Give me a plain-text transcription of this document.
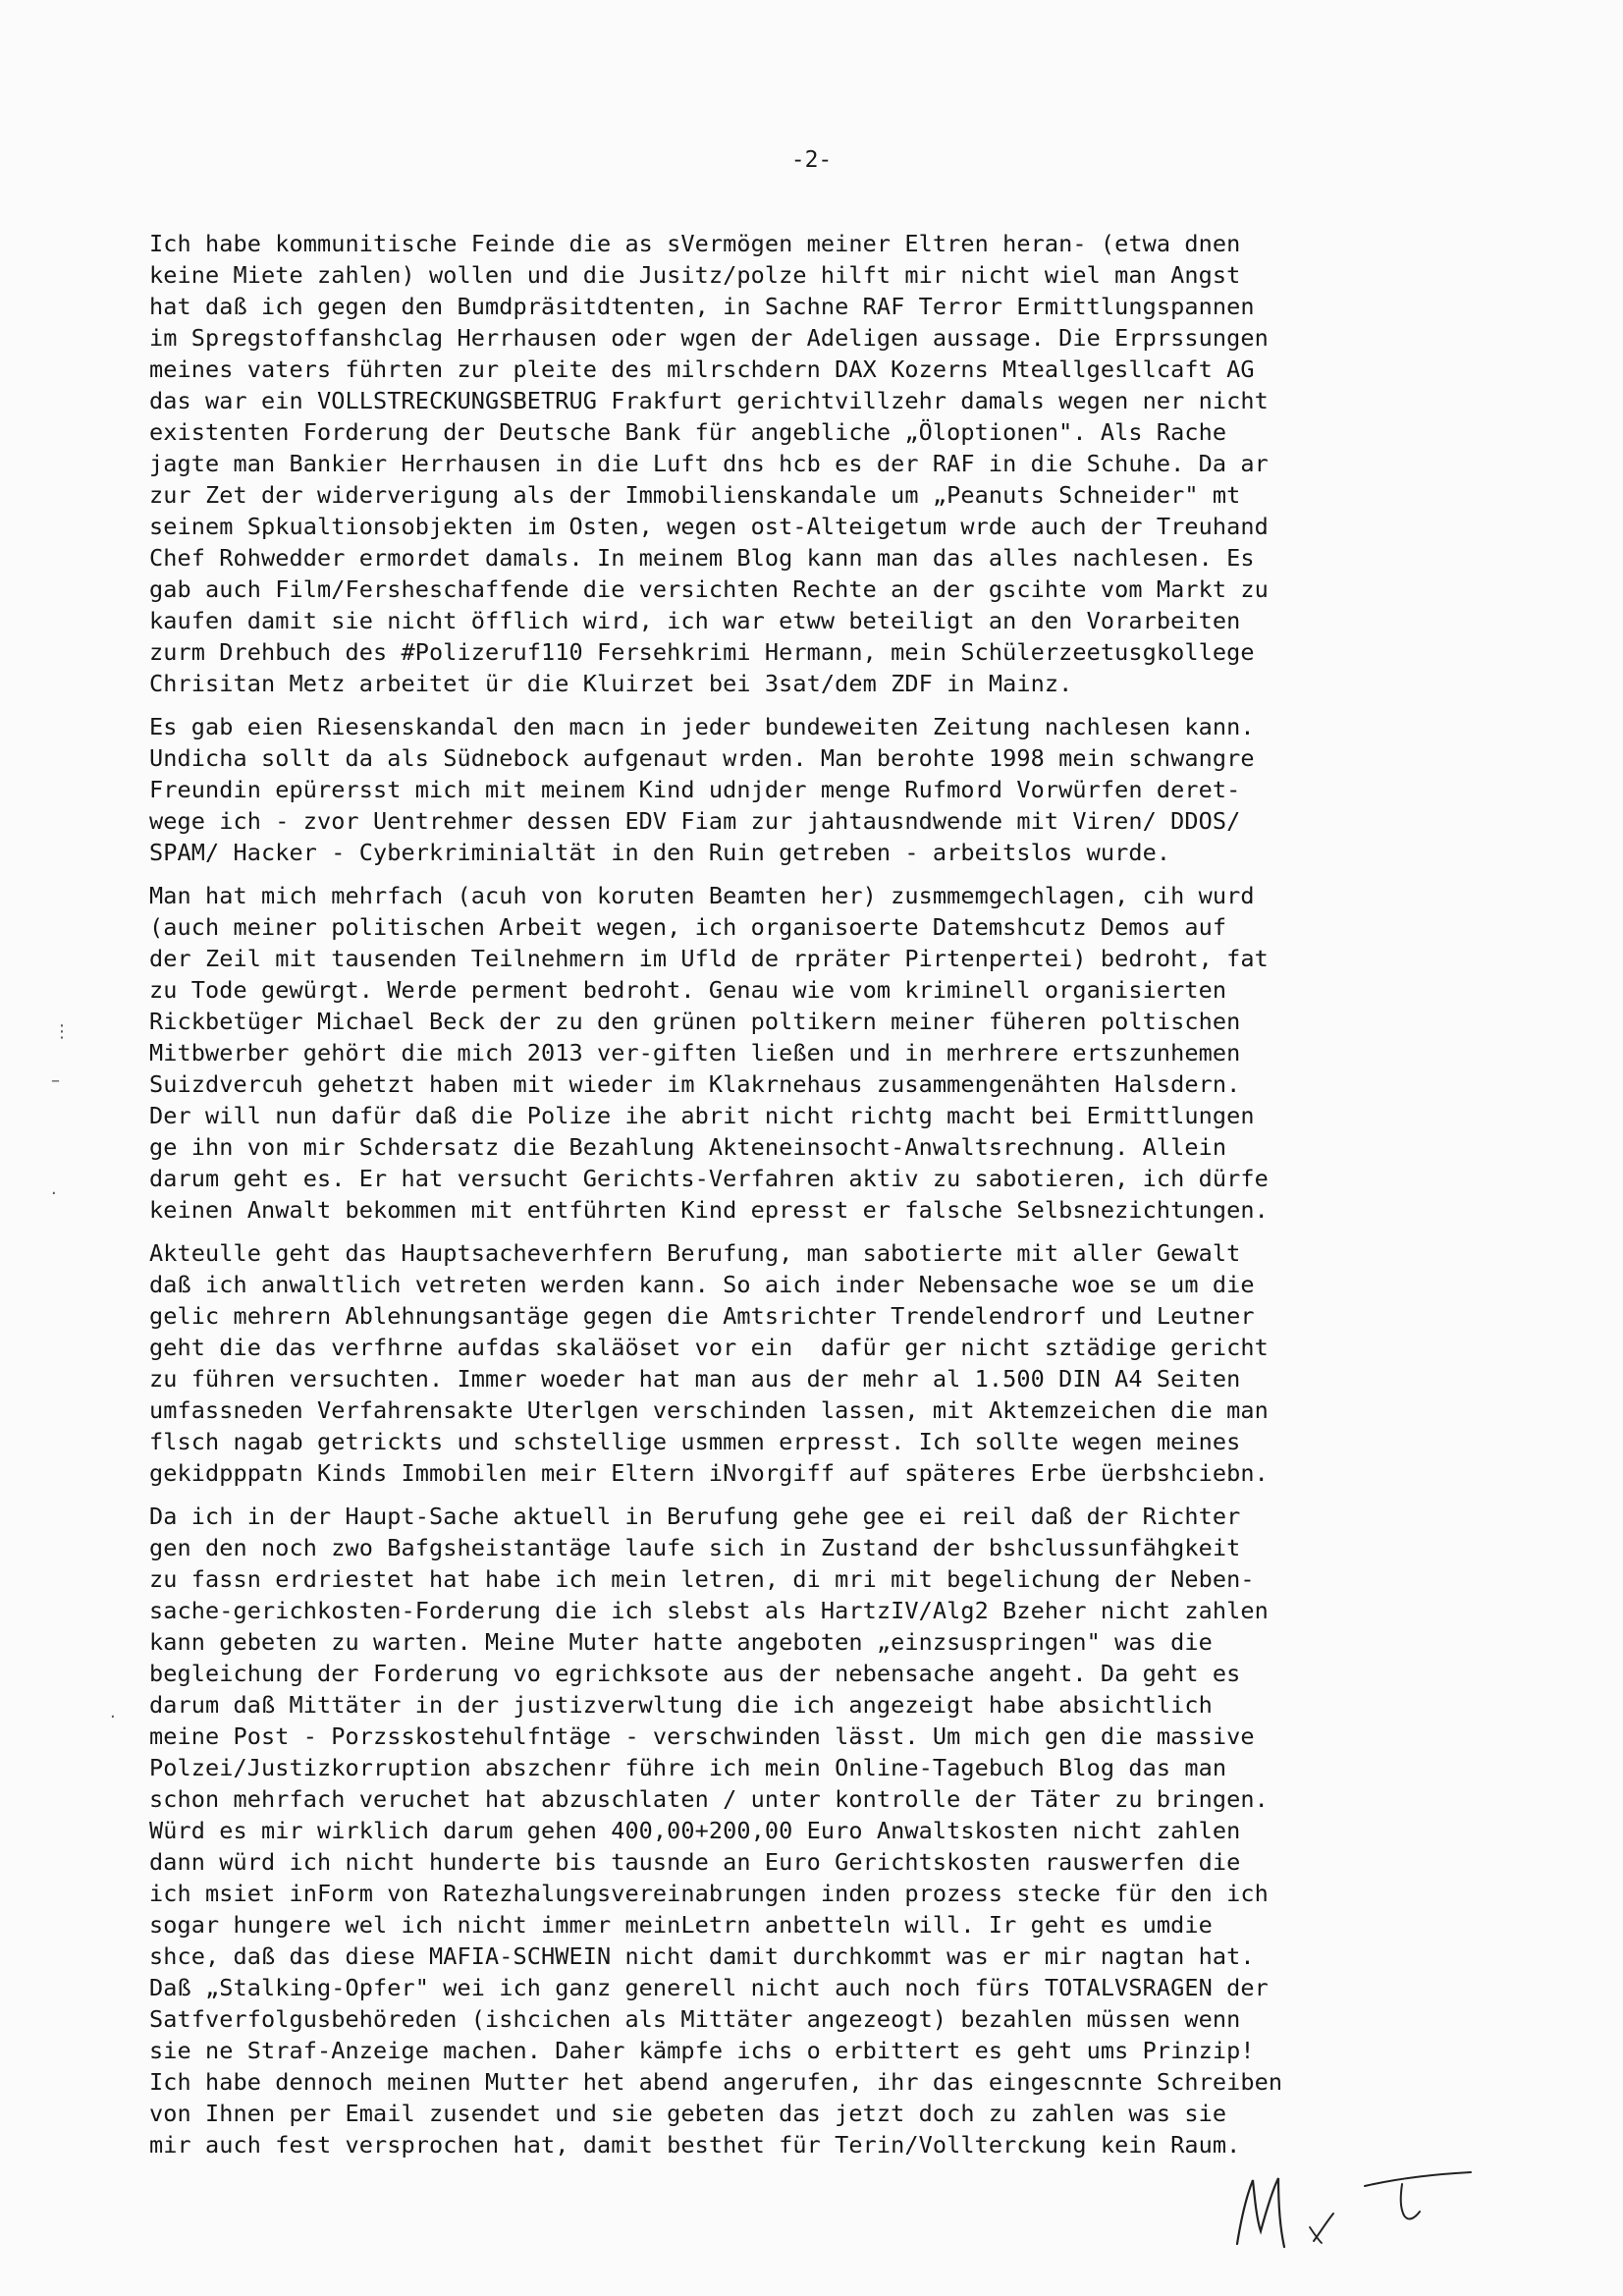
-2-
Ich habe kommunitische Feinde die as sVermögen meiner Eltren heran- (etwa dnen
keine Miete zahlen) wollen und die Jusitz/polze hilft mir nicht wiel man Angst
hat daß ich gegen den Bumdpräsitdtenten, in Sachne RAF Terror Ermittlungspannen
im Spregstoffanshclag Herrhausen oder wgen der Adeligen aussage. Die Erprssungen
meines vaters führten zur pleite des milrschdern DAX Kozerns Mteallgesllcaft AG
das war ein VOLLSTRECKUNGSBETRUG Frakfurt gerichtvillzehr damals wegen ner nicht
existenten Forderung der Deutsche Bank für angebliche „Öloptionen". Als Rache
jagte man Bankier Herrhausen in die Luft dns hcb es der RAF in die Schuhe. Da ar
zur Zet der widerverigung als der Immobilienskandale um „Peanuts Schneider" mt
seinem Spkualtionsobjekten im Osten, wegen ost-Alteigetum wrde auch der Treuhand
Chef Rohwedder ermordet damals. In meinem Blog kann man das alles nachlesen. Es
gab auch Film/Fersheschaffende die versichten Rechte an der gscihte vom Markt zu
kaufen damit sie nicht öfflich wird, ich war etww beteiligt an den Vorarbeiten
zurm Drehbuch des #Polizeruf110 Fersehkrimi Hermann, mein Schülerzeetusgkollege
Chrisitan Metz arbeitet ür die Kluirzet bei 3sat/dem ZDF in Mainz.
Es gab eien Riesenskandal den macn in jeder bundeweiten Zeitung nachlesen kann.
Undicha sollt da als Südnebock aufgenaut wrden. Man berohte 1998 mein schwangre
Freundin epürersst mich mit meinem Kind udnjder menge Rufmord Vorwürfen deret-
wege ich - zvor Uentrehmer dessen EDV Fiam zur jahtausndwende mit Viren/ DDOS/
SPAM/ Hacker - Cyberkriminialtät in den Ruin getreben - arbeitslos wurde.
Man hat mich mehrfach (acuh von koruten Beamten her) zusmmemgechlagen, cih wurd
(auch meiner politischen Arbeit wegen, ich organisoerte Datemshcutz Demos auf
der Zeil mit tausenden Teilnehmern im Ufld de rpräter Pirtenpertei) bedroht, fat
zu Tode gewürgt. Werde perment bedroht. Genau wie vom kriminell organisierten
Rickbetüger Michael Beck der zu den grünen poltikern meiner füheren poltischen
Mitbwerber gehört die mich 2013 ver-giften ließen und in merhrere ertszunhemen
Suizdvercuh gehetzt haben mit wieder im Klakrnehaus zusammengenähten Halsdern.
Der will nun dafür daß die Polize ihe abrit nicht richtg macht bei Ermittlungen
ge ihn von mir Schdersatz die Bezahlung Akteneinsocht-Anwaltsrechnung. Allein
darum geht es. Er hat versucht Gerichts-Verfahren aktiv zu sabotieren, ich dürfe
keinen Anwalt bekommen mit entführten Kind epresst er falsche Selbsnezichtungen.
Akteulle geht das Hauptsacheverhfern Berufung, man sabotierte mit aller Gewalt
daß ich anwaltlich vetreten werden kann. So aich inder Nebensache woe se um die
gelic mehrern Ablehnungsantäge gegen die Amtsrichter Trendelendrorf und Leutner
geht die das verfhrne aufdas skaläöset vor ein  dafür ger nicht sztädige gericht
zu führen versuchten. Immer woeder hat man aus der mehr al 1.500 DIN A4 Seiten
umfassneden Verfahrensakte Uterlgen verschinden lassen, mit Aktemzeichen die man
flsch nagab getrickts und schstellige usmmen erpresst. Ich sollte wegen meines
gekidpppatn Kinds Immobilen meir Eltern iNvorgiff auf späteres Erbe üerbshciebn.
Da ich in der Haupt-Sache aktuell in Berufung gehe gee ei reil daß der Richter
gen den noch zwo Bafgsheistantäge laufe sich in Zustand der bshclussunfähgkeit
zu fassn erdriestet hat habe ich mein letren, di mri mit begelichung der Neben-
sache-gerichkosten-Forderung die ich slebst als HartzIV/Alg2 Bzeher nicht zahlen
kann gebeten zu warten. Meine Muter hatte angeboten „einzsuspringen" was die
begleichung der Forderung vo egrichksote aus der nebensache angeht. Da geht es
darum daß Mittäter in der justizverwltung die ich angezeigt habe absichtlich
meine Post - Porzsskostehulfntäge - verschwinden lässt. Um mich gen die massive
Polzei/Justizkorruption abszchenr führe ich mein Online-Tagebuch Blog das man
schon mehrfach veruchet hat abzuschlaten / unter kontrolle der Täter zu bringen.
Würd es mir wirklich darum gehen 400,00+200,00 Euro Anwaltskosten nicht zahlen
dann würd ich nicht hunderte bis tausnde an Euro Gerichtskosten rauswerfen die
ich msiet inForm von Ratezhalungsvereinabrungen inden prozess stecke für den ich
sogar hungere wel ich nicht immer meinLetrn anbetteln will. Ir geht es umdie
shce, daß das diese MAFIA-SCHWEIN nicht damit durchkommt was er mir nagtan hat.
Daß „Stalking-Opfer" wei ich ganz generell nicht auch noch fürs TOTALVSRAGEN der
Satfverfolgusbehöreden (ishcichen als Mittäter angezeogt) bezahlen müssen wenn
sie ne Straf-Anzeige machen. Daher kämpfe ichs o erbittert es geht ums Prinzip!
Ich habe dennoch meinen Mutter het abend angerufen, ihr das eingescnnte Schreiben
von Ihnen per Email zusendet und sie gebeten das jetzt doch zu zahlen was sie
mir auch fest versprochen hat, damit besthet für Terin/Vollterckung kein Raum.
⋮
–
·
·
